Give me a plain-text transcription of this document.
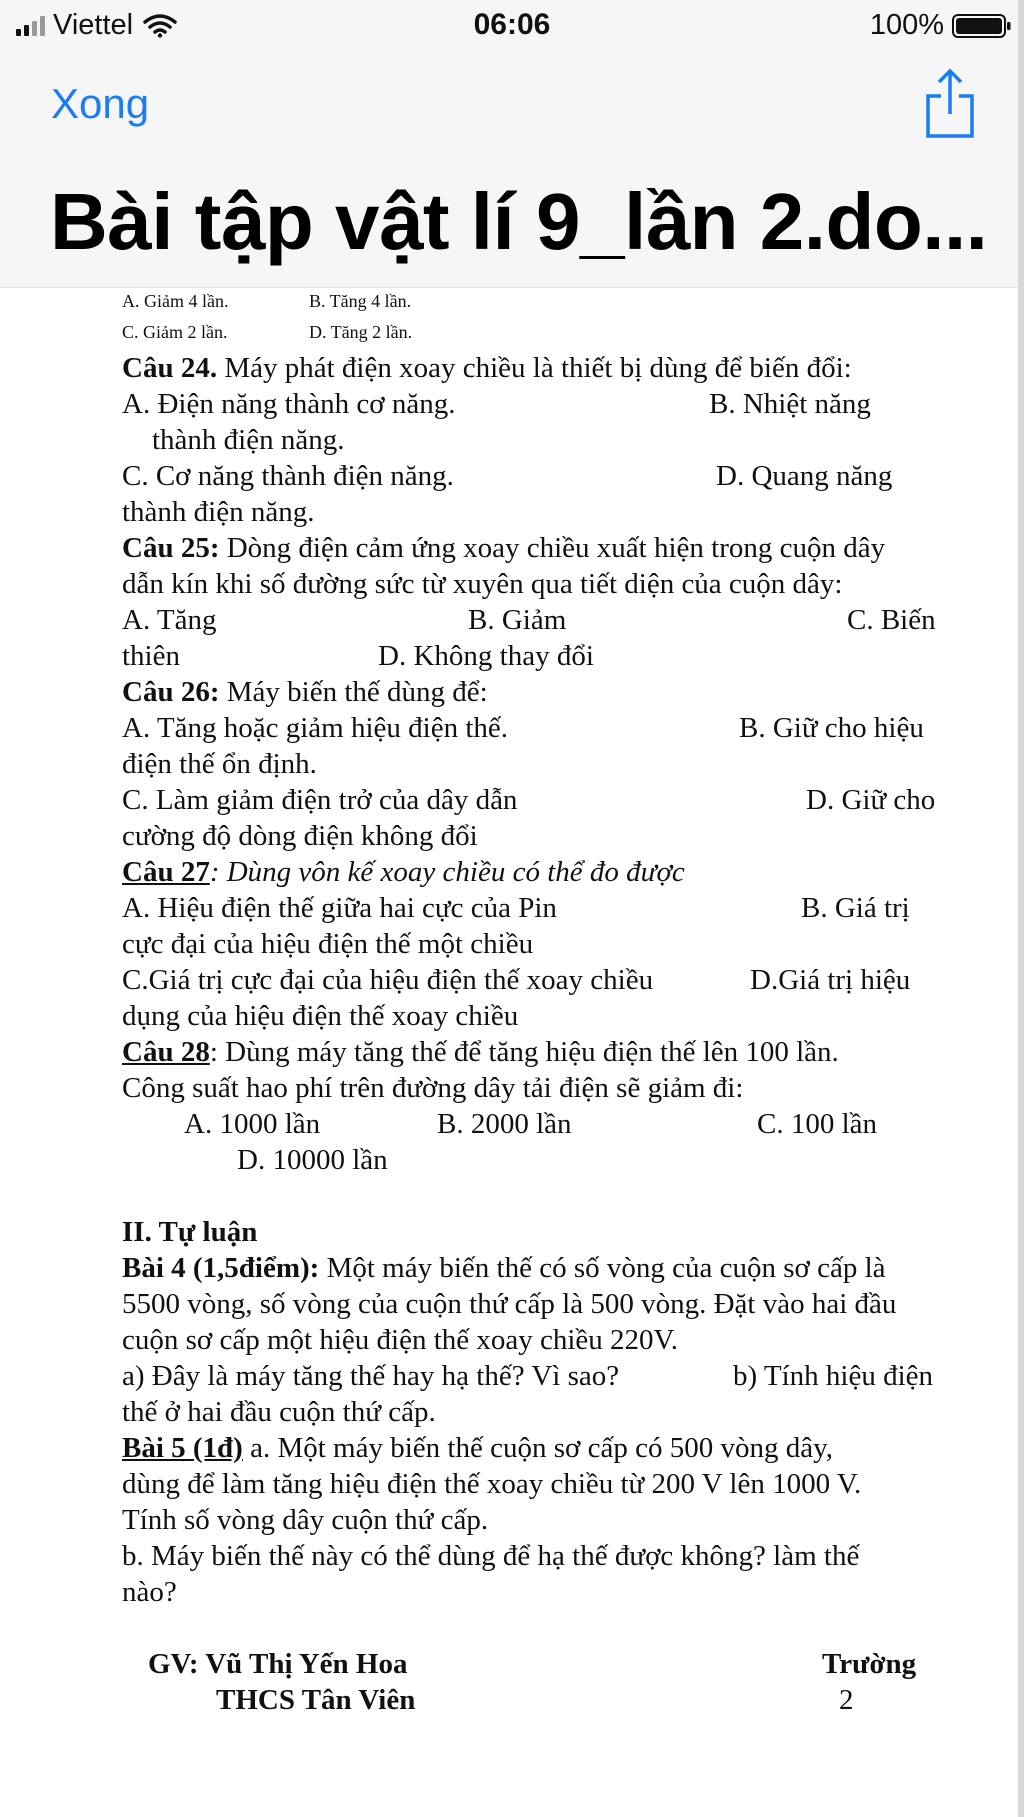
Viettel	06:06	100%
Xong
Bài tập vật lí 9_lần 2.do...
A. Giảm 4 lần.	B. Tăng 4 lần.
C. Giảm 2 lần.	D. Tăng 2 lần.
Câu 24. Máy phát điện xoay chiều là thiết bị dùng để biến đổi:
A. Điện năng thành cơ năng.	B. Nhiệt năng
thành điện năng.
C. Cơ năng thành điện năng.	D. Quang năng
thành điện năng.
Câu 25: Dòng điện cảm ứng xoay chiều xuất hiện trong cuộn dây
dẫn kín khi số đường sức từ xuyên qua tiết diện của cuộn dây:
A. Tăng	B. Giảm	C. Biến
thiên	D. Không thay đổi
Câu 26: Máy biến thế dùng để:
A. Tăng hoặc giảm hiệu điện thế.	B. Giữ cho hiệu
điện thế ổn định.
C. Làm giảm điện trở của dây dẫn	D. Giữ cho
cường độ dòng điện không đổi
Câu 27: Dùng vôn kế xoay chiều có thể đo được
A. Hiệu điện thế giữa hai cực của Pin	B. Giá trị
cực đại của hiệu điện thế một chiều
C.Giá trị cực đại của hiệu điện thế xoay chiều	D.Giá trị hiệu
dụng của hiệu điện thế xoay chiều
Câu 28: Dùng máy tăng thế để tăng hiệu điện thế lên 100 lần.
Công suất hao phí trên đường dây tải điện sẽ giảm đi:
A. 1000 lần	B. 2000 lần	C. 100 lần
D. 10000 lần
II. Tự luận
Bài 4 (1,5điểm): Một máy biến thế có số vòng của cuộn sơ cấp là
5500 vòng, số vòng của cuộn thứ cấp là 500 vòng. Đặt vào hai đầu
cuộn sơ cấp một hiệu điện thế xoay chiều 220V.
a) Đây là máy tăng thế hay hạ thế? Vì sao?	b) Tính hiệu điện
thế ở hai đầu cuộn thứ cấp.
Bài 5 (1đ) a. Một máy biến thế cuộn sơ cấp có 500 vòng dây,
dùng để làm tăng hiệu điện thế xoay chiều từ 200 V lên 1000 V.
Tính số vòng dây cuộn thứ cấp.
b. Máy biến thế này có thể dùng để hạ thế được không? làm thế
nào?
GV: Vũ Thị Yến Hoa	Trường
THCS Tân Viên	2
